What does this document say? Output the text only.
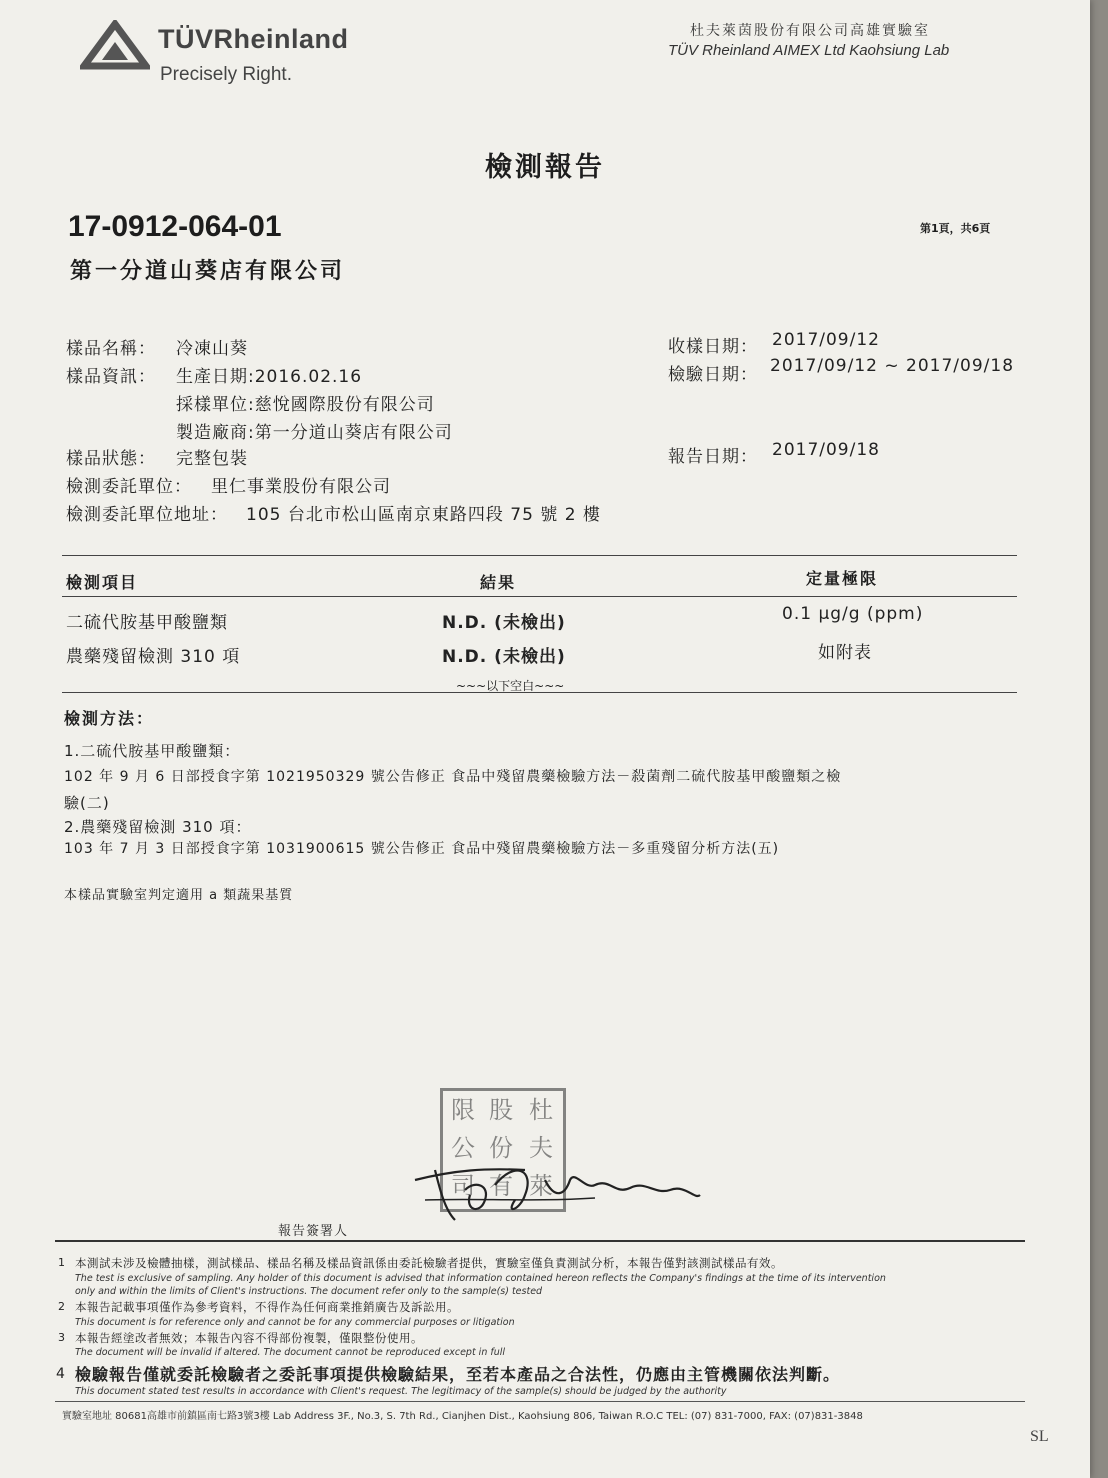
TÜVRheinland
Precisely Right.
杜夫萊茵股份有限公司高雄實驗室
TÜV Rheinland AIMEX Ltd Kaohsiung Lab
檢測報告
17-0912-064-01	第1頁，共6頁
第一分道山葵店有限公司
樣品名稱： 冷凍山葵
樣品資訊： 生產日期:2016.02.16
採樣單位:慈悅國際股份有限公司
製造廠商:第一分道山葵店有限公司
樣品狀態： 完整包裝
檢測委託單位： 里仁事業股份有限公司
檢測委託單位地址： 105 台北市松山區南京東路四段 75 號 2 樓
收樣日期： 2017/09/12
檢驗日期： 2017/09/12 ~ 2017/09/18
報告日期： 2017/09/18
檢測項目	結果	定量極限
二硫代胺基甲酸鹽類	N.D. (未檢出)	0.1 μg/g (ppm)
農藥殘留檢測 310 項	N.D. (未檢出)	如附表
~~~以下空白~~~
檢測方法：
1.二硫代胺基甲酸鹽類：
102 年 9 月 6 日部授食字第 1021950329 號公告修正 食品中殘留農藥檢驗方法－殺菌劑二硫代胺基甲酸鹽類之檢
驗(二)
2.農藥殘留檢測 310 項：
103 年 7 月 3 日部授食字第 1031900615 號公告修正 食品中殘留農藥檢驗方法－多重殘留分析方法(五)
本樣品實驗室判定適用 a 類蔬果基質
杜
股
限
夫
份
公
萊
有
司
報告簽署人
1 本測試未涉及檢體抽樣，測試樣品、樣品名稱及樣品資訊係由委託檢驗者提供，實驗室僅負責測試分析，本報告僅對該測試樣品有效。
The test is exclusive of sampling. Any holder of this document is advised that information contained hereon reflects the Company's findings at the time of its intervention
only and within the limits of Client's instructions. The document refer only to the sample(s) tested
2 本報告記載事項僅作為參考資料，不得作為任何商業推銷廣告及訴訟用。
This document is for reference only and cannot be for any commercial purposes or litigation
3 本報告經塗改者無效；本報告內容不得部份複製，僅限整份使用。
The document will be invalid if altered. The document cannot be reproduced except in full
4 檢驗報告僅就委託檢驗者之委託事項提供檢驗結果，至若本產品之合法性，仍應由主管機關依法判斷。
This document stated test results in accordance with Client's request. The legitimacy of the sample(s) should be judged by the authority
實驗室地址 80681高雄市前鎮區南七路3號3樓 Lab Address 3F., No.3, S. 7th Rd., Cianjhen Dist., Kaohsiung 806, Taiwan R.O.C TEL: (07) 831-7000, FAX: (07)831-3848
SL
